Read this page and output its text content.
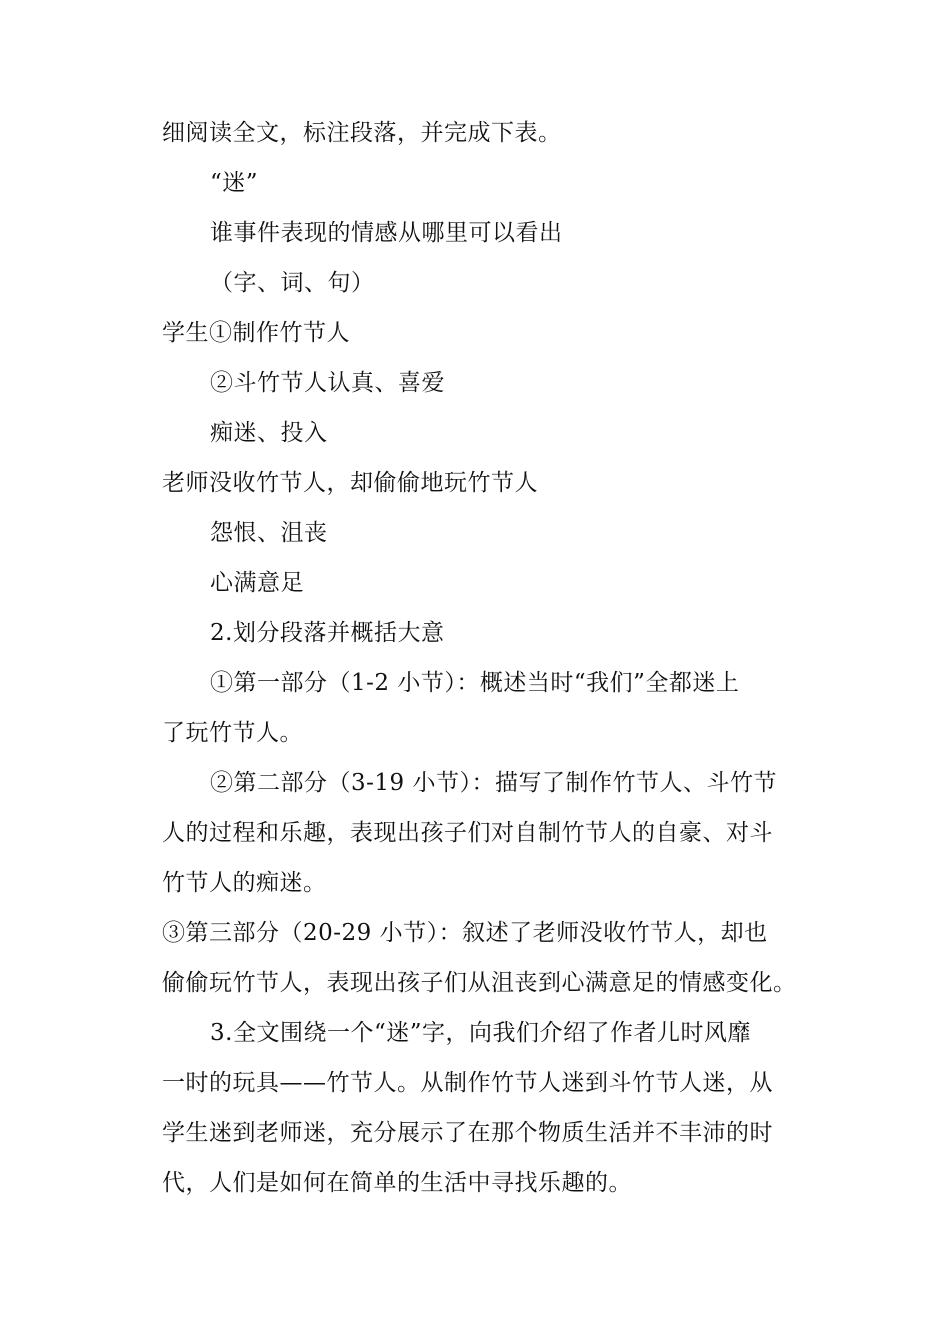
细阅读全文，标注段落，并完成下表。
“迷”
谁事件表现的情感从哪里可以看出
（字、词、句）
学生①制作竹节人
②斗竹节人认真、喜爱
痴迷、投入
老师没收竹节人，却偷偷地玩竹节人
怨恨、沮丧
心满意足
2.划分段落并概括大意
①第一部分（1-2 小节）：概述当时“我们”全都迷上
了玩竹节人。
②第二部分（3-19 小节）：描写了制作竹节人、斗竹节
人的过程和乐趣，表现出孩子们对自制竹节人的自豪、对斗
竹节人的痴迷。
③第三部分（20-29 小节）：叙述了老师没收竹节人，却也
偷偷玩竹节人，表现出孩子们从沮丧到心满意足的情感变化。
3.全文围绕一个“迷”字，向我们介绍了作者儿时风靡
一时的玩具——竹节人。从制作竹节人迷到斗竹节人迷，从
学生迷到老师迷，充分展示了在那个物质生活并不丰沛的时
代，人们是如何在简单的生活中寻找乐趣的。
